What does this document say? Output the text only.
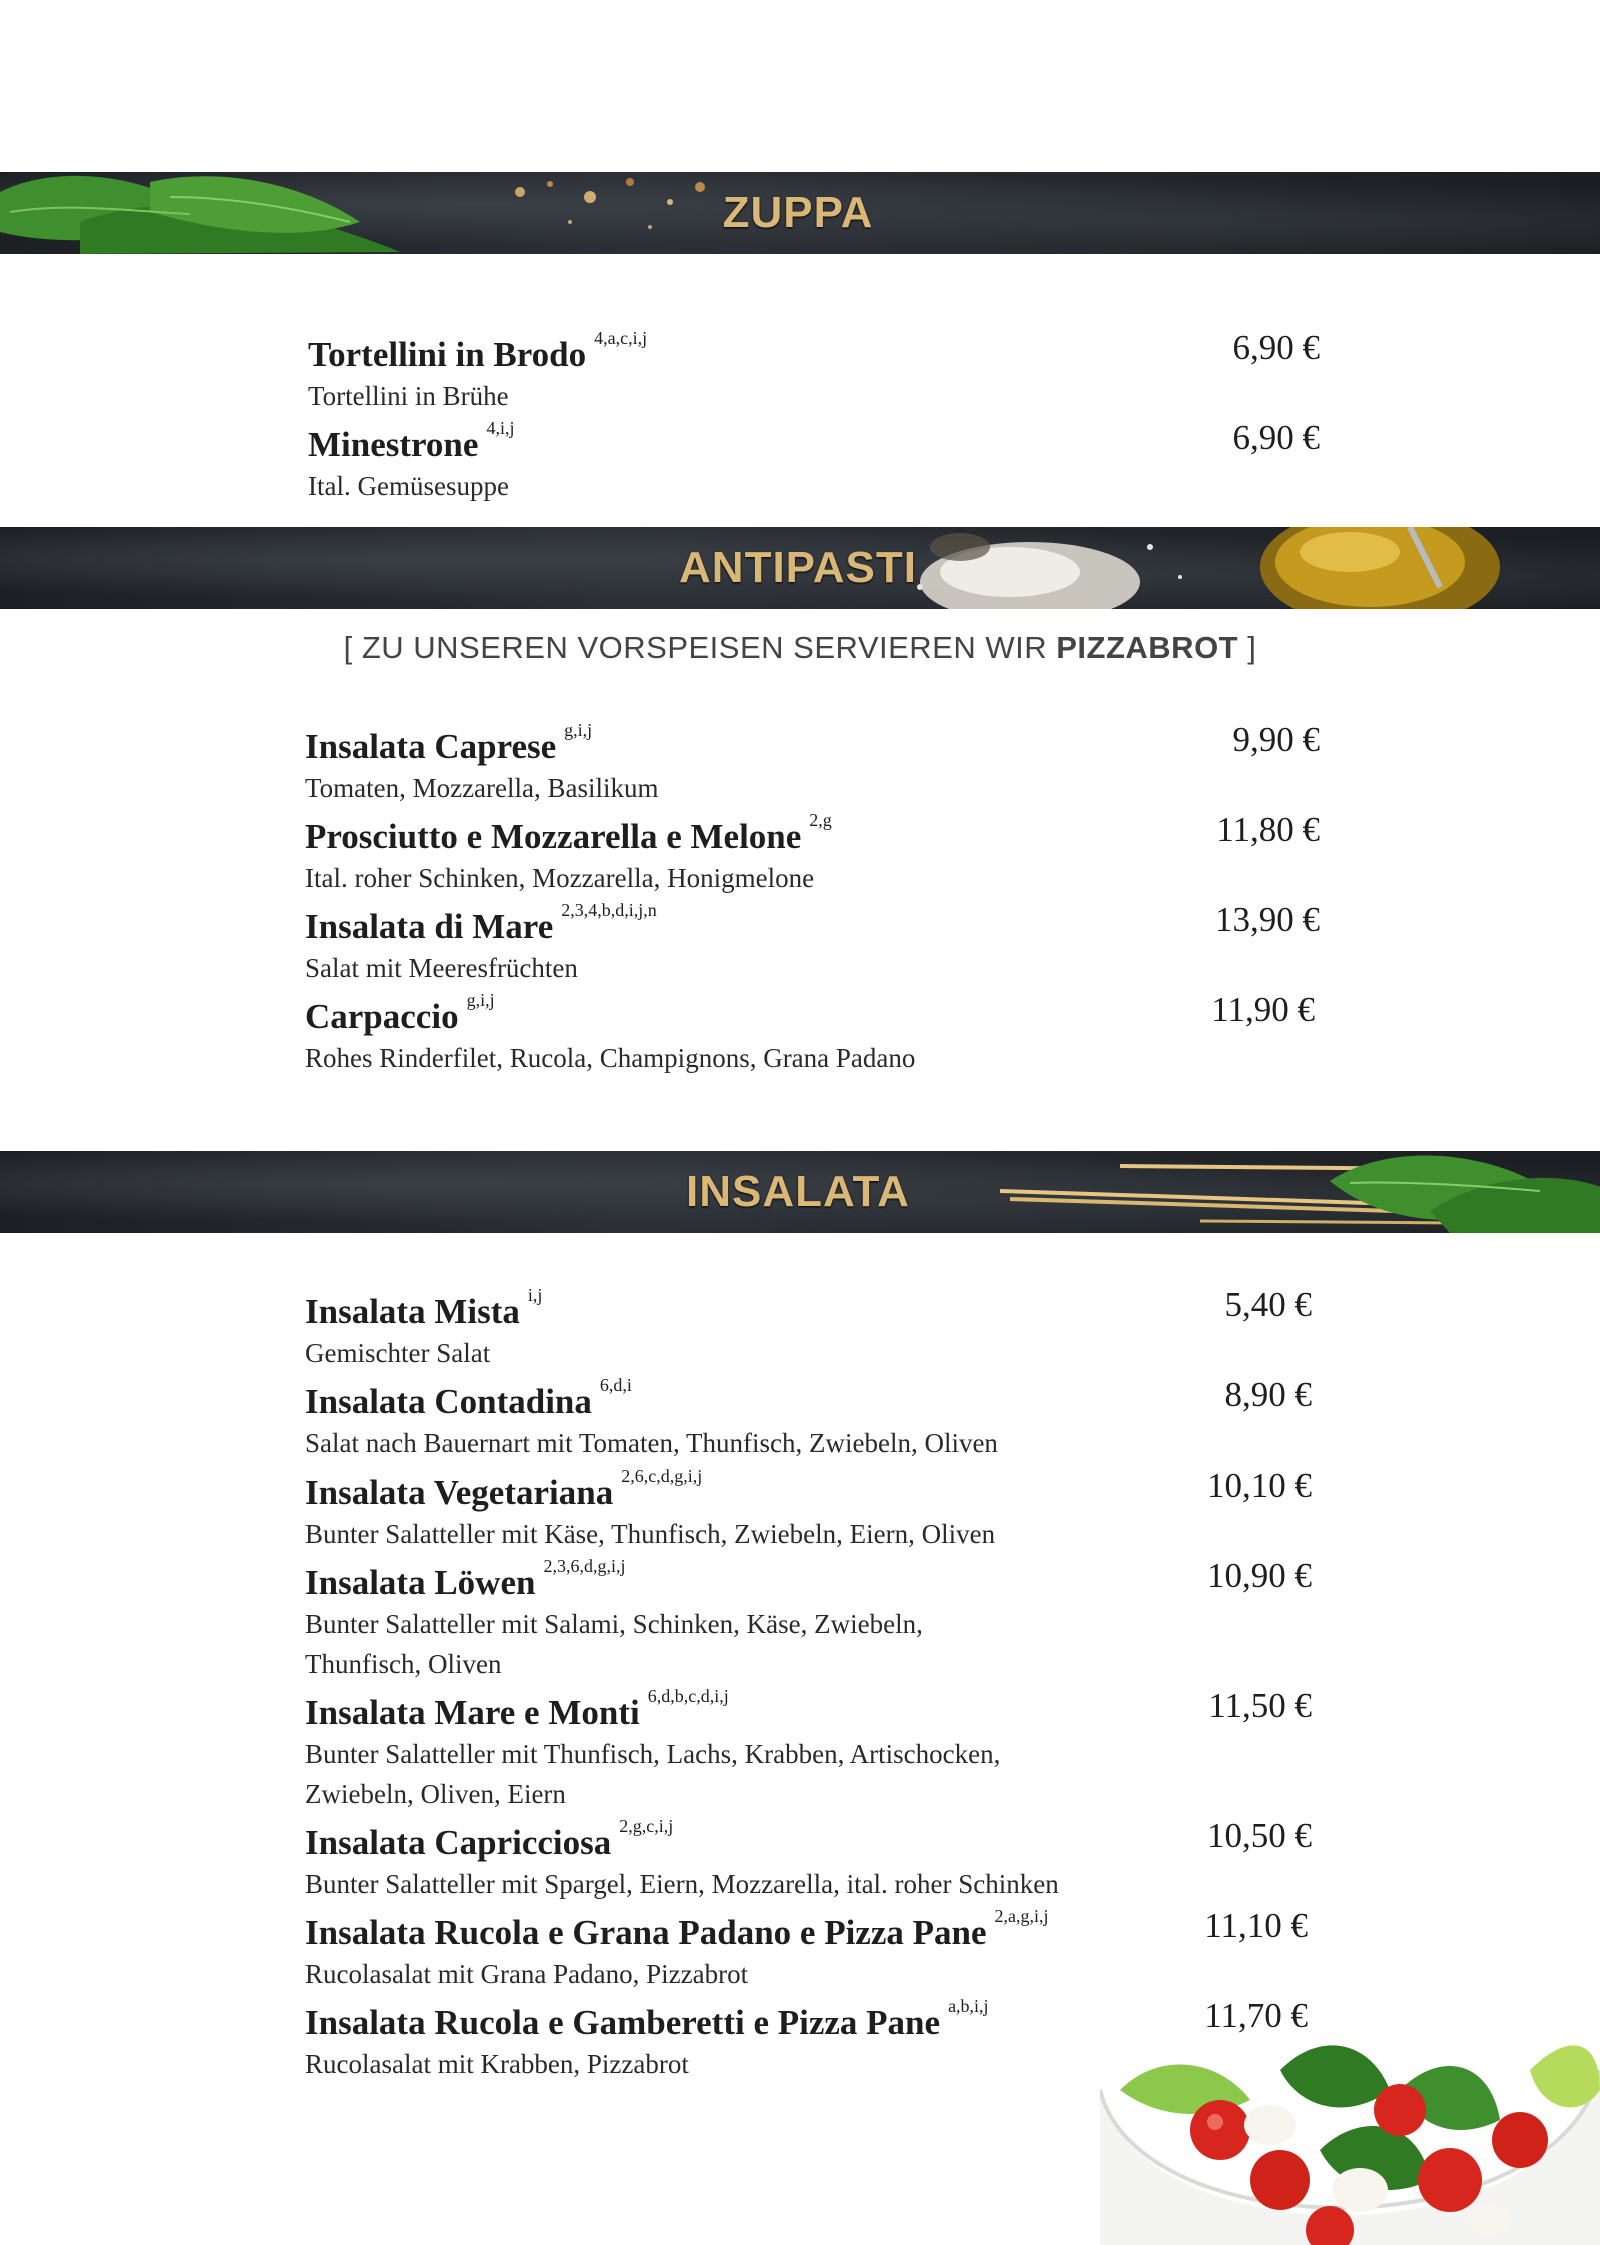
ZUPPA
Tortellini in Brodo $^{4,a,c,i,j}$	6,90 €
Tortellini in Brühe
Minestrone $^{4,i,j}$	6,90 €
Ital. Gemüsesuppe
ANTIPASTI
[ ZU UNSEREN VORSPEISEN SERVIEREN WIR PIZZABROT ]
Insalata Caprese $^{g,i,j}$	9,90 €
Tomaten, Mozzarella, Basilikum
Prosciutto e Mozzarella e Melone $^{2,g}$	11,80 €
Ital. roher Schinken, Mozzarella, Honigmelone
Insalata di Mare $^{2,3,4,b,d,i,j,n}$	13,90 €
Salat mit Meeresfrüchten
Carpaccio $^{g,i,j}$	11,90 €
Rohes Rinderfilet, Rucola, Champignons, Grana Padano
INSALATA
Insalata Mista $^{i,j}$	5,40 €
Gemischter Salat
Insalata Contadina $^{6,d,i}$	8,90 €
Salat nach Bauernart mit Tomaten, Thunfisch, Zwiebeln, Oliven
Insalata Vegetariana $^{2,6,c,d,g,i,j}$	10,10 €
Bunter Salatteller mit Käse, Thunfisch, Zwiebeln, Eiern, Oliven
Insalata Löwen $^{2,3,6,d,g,i,j}$	10,90 €
Bunter Salatteller mit Salami, Schinken, Käse, Zwiebeln, Thunfisch, Oliven
Insalata Mare e Monti $^{6,d,b,c,d,i,j}$	11,50 €
Bunter Salatteller mit Thunfisch, Lachs, Krabben, Artischocken, Zwiebeln, Oliven, Eiern
Insalata Capricciosa $^{2,g,c,i,j}$	10,50 €
Bunter Salatteller mit Spargel, Eiern, Mozzarella, ital. roher Schinken
Insalata Rucola e Grana Padano e Pizza Pane $^{2,a,g,i,j}$	11,10 €
Rucolasalat mit Grana Padano, Pizzabrot
Insalata Rucola e Gamberetti e Pizza Pane $^{a,b,i,j}$	11,70 €
Rucolasalat mit Krabben, Pizzabrot
